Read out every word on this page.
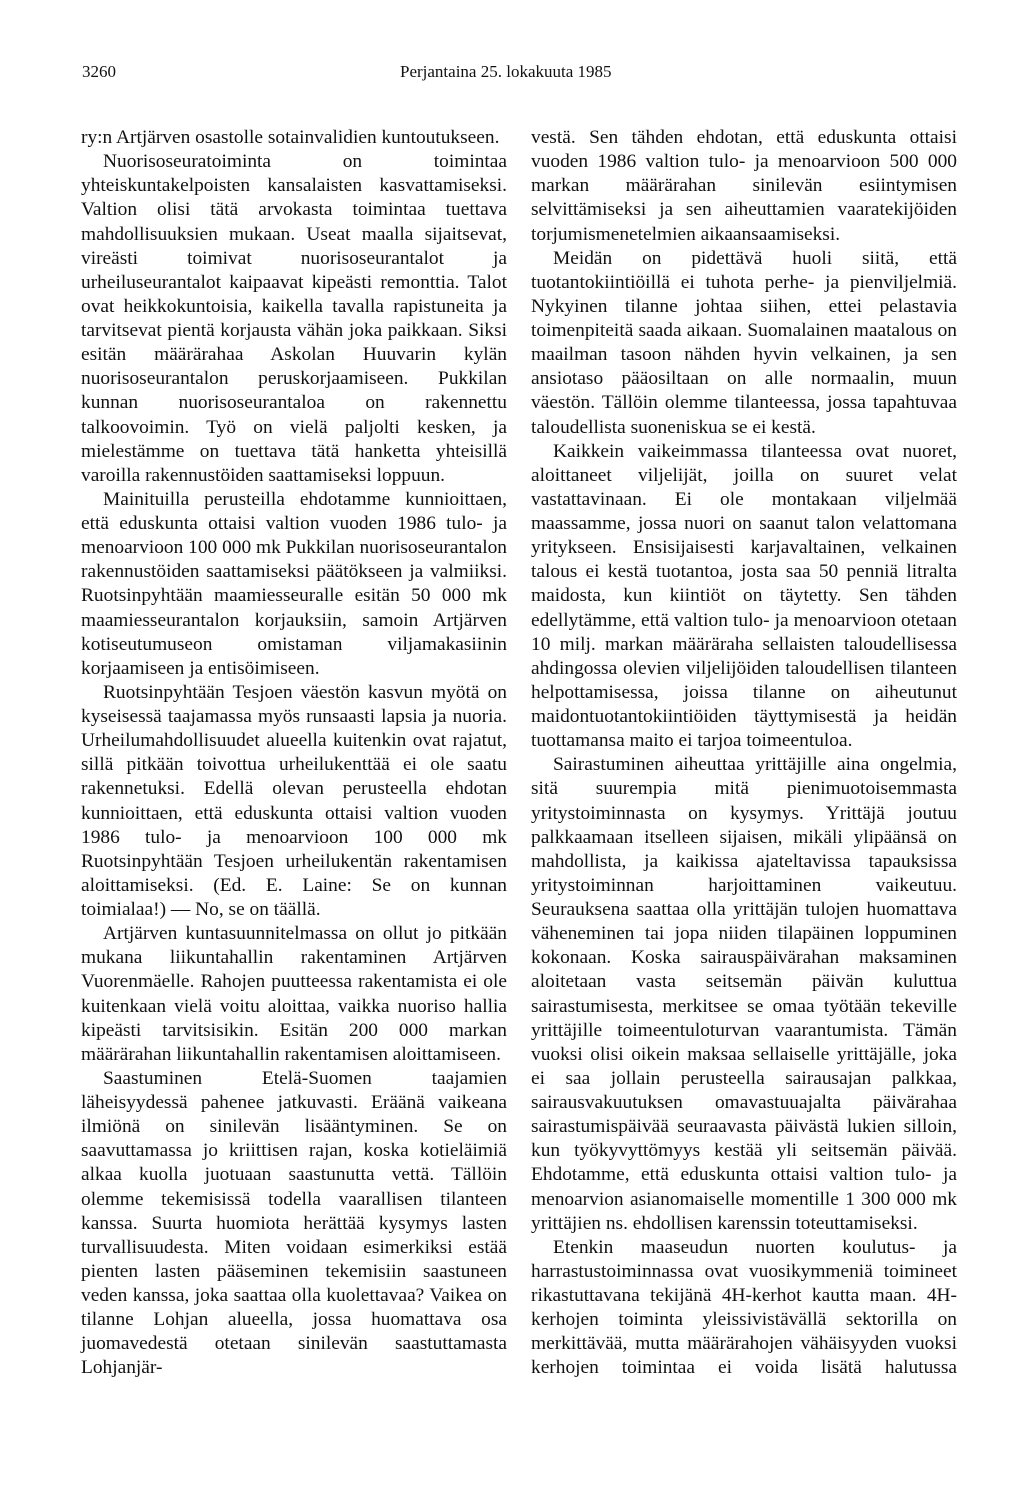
3260	Perjantaina 25. lokakuuta 1985

ry:n Artjärven osastolle sotainvalidien kuntoutukseen.

Nuorisoseuratoiminta on toimintaa yhteiskuntakelpoisten kansalaisten kasvattamiseksi. Valtion olisi tätä arvokasta toimintaa tuettava mahdollisuuksien mukaan. Useat maalla sijaitsevat, vireästi toimivat nuorisoseurantalot ja urheiluseurantalot kaipaavat kipeästi remonttia. Talot ovat heikkokuntoisia, kaikella tavalla rapistuneita ja tarvitsevat pientä korjausta vähän joka paikkaan. Siksi esitän määrärahaa Askolan Huuvarin kylän nuorisoseurantalon peruskorjaamiseen. Pukkilan kunnan nuorisoseurantaloa on rakennettu talkoovoimin. Työ on vielä paljolti kesken, ja mielestämme on tuettava tätä hanketta yhteisillä varoilla rakennustöiden saattamiseksi loppuun.

Mainituilla perusteilla ehdotamme kunnioittaen, että eduskunta ottaisi valtion vuoden 1986 tulo- ja menoarvioon 100 000 mk Pukkilan nuorisoseurantalon rakennustöiden saattamiseksi päätökseen ja valmiiksi. Ruotsinpyhtään maamiesseuralle esitän 50 000 mk maamiesseurantalon korjauksiin, samoin Artjärven kotiseutumuseon omistaman viljamakasiinin korjaamiseen ja entisöimiseen.

Ruotsinpyhtään Tesjoen väestön kasvun myötä on kyseisessä taajamassa myös runsaasti lapsia ja nuoria. Urheilumahdollisuudet alueella kuitenkin ovat rajatut, sillä pitkään toivottua urheilukenttää ei ole saatu rakennetuksi. Edellä olevan perusteella ehdotan kunnioittaen, että eduskunta ottaisi valtion vuoden 1986 tulo- ja menoarvioon 100 000 mk Ruotsinpyhtään Tesjoen urheilukentän rakentamisen aloittamiseksi. (Ed. E. Laine: Se on kunnan toimialaa!) — No, se on täällä.

Artjärven kuntasuunnitelmassa on ollut jo pitkään mukana liikuntahallin rakentaminen Artjärven Vuorenmäelle. Rahojen puutteessa rakentamista ei ole kuitenkaan vielä voitu aloittaa, vaikka nuoriso hallia kipeästi tarvitsisikin. Esitän 200 000 markan määrärahan liikuntahallin rakentamisen aloittamiseen.

Saastuminen Etelä-Suomen taajamien läheisyydessä pahenee jatkuvasti. Eräänä vaikeana ilmiönä on sinilevän lisääntyminen. Se on saavuttamassa jo kriittisen rajan, koska kotieläimiä alkaa kuolla juotuaan saastunutta vettä. Tällöin olemme tekemisissä todella vaarallisen tilanteen kanssa. Suurta huomiota herättää kysymys lasten turvallisuudesta. Miten voidaan esimerkiksi estää pienten lasten pääseminen tekemisiin saastuneen veden kanssa, joka saattaa olla kuolettavaa? Vaikea on tilanne Lohjan alueella, jossa huomattava osa juomavedestä otetaan sinilevän saastuttamasta Lohjanjär-

vestä. Sen tähden ehdotan, että eduskunta ottaisi vuoden 1986 valtion tulo- ja menoarvioon 500 000 markan määrärahan sinilevän esiintymisen selvittämiseksi ja sen aiheuttamien vaaratekijöiden torjumismenetelmien aikaansaamiseksi.

Meidän on pidettävä huoli siitä, että tuotantokiintiöillä ei tuhota perhe- ja pienviljelmiä. Nykyinen tilanne johtaa siihen, ettei pelastavia toimenpiteitä saada aikaan. Suomalainen maatalous on maailman tasoon nähden hyvin velkainen, ja sen ansiotaso pääosiltaan on alle normaalin, muun väestön. Tällöin olemme tilanteessa, jossa tapahtuvaa taloudellista suoneniskua se ei kestä.

Kaikkein vaikeimmassa tilanteessa ovat nuoret, aloittaneet viljelijät, joilla on suuret velat vastattavinaan. Ei ole montakaan viljelmää maassamme, jossa nuori on saanut talon velattomana yritykseen. Ensisijaisesti karjavaltainen, velkainen talous ei kestä tuotantoa, josta saa 50 penniä litralta maidosta, kun kiintiöt on täytetty. Sen tähden edellytämme, että valtion tulo- ja menoarvioon otetaan 10 milj. markan määräraha sellaisten taloudellisessa ahdingossa olevien viljelijöiden taloudellisen tilanteen helpottamisessa, joissa tilanne on aiheutunut maidontuotantokiintiöiden täyttymisestä ja heidän tuottamansa maito ei tarjoa toimeentuloa.

Sairastuminen aiheuttaa yrittäjille aina ongelmia, sitä suurempia mitä pienimuotoisemmasta yritystoiminnasta on kysymys. Yrittäjä joutuu palkkaamaan itselleen sijaisen, mikäli ylipäänsä on mahdollista, ja kaikissa ajateltavissa tapauksissa yritystoiminnan harjoittaminen vaikeutuu. Seurauksena saattaa olla yrittäjän tulojen huomattava väheneminen tai jopa niiden tilapäinen loppuminen kokonaan. Koska sairauspäivärahan maksaminen aloitetaan vasta seitsemän päivän kuluttua sairastumisesta, merkitsee se omaa työtään tekeville yrittäjille toimeentuloturvan vaarantumista. Tämän vuoksi olisi oikein maksaa sellaiselle yrittäjälle, joka ei saa jollain perusteella sairausajan palkkaa, sairausvakuutuksen omavastuuajalta päivärahaa sairastumispäivää seuraavasta päivästä lukien silloin, kun työkyvyttömyys kestää yli seitsemän päivää. Ehdotamme, että eduskunta ottaisi valtion tulo- ja menoarvion asianomaiselle momentille 1 300 000 mk yrittäjien ns. ehdollisen karenssin toteuttamiseksi.

Etenkin maaseudun nuorten koulutus- ja harrastustoiminnassa ovat vuosikymmeniä toimineet rikastuttavana tekijänä 4H-kerhot kautta maan. 4H-kerhojen toiminta yleissivistävällä sektorilla on merkittävää, mutta määrärahojen vähäisyyden vuoksi kerhojen toimintaa ei voida lisätä halutussa
